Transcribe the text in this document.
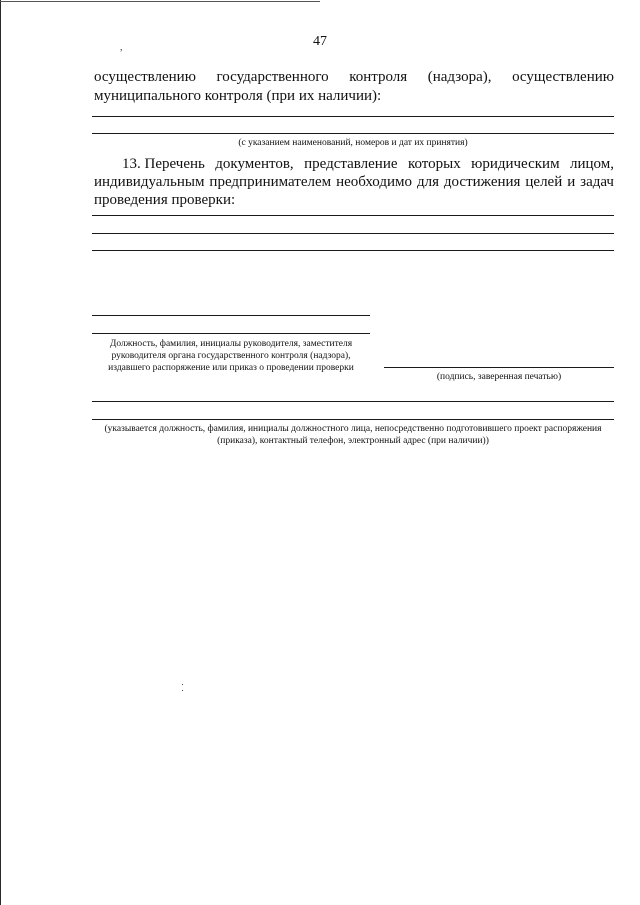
,	47
осуществлению государственного контроля (надзора), осуществлению
муниципального контроля (при их наличии):
(с указанием наименований, номеров и дат их принятия)
13. Перечень документов, представление которых юридическим лицом,
индивидуальным предпринимателем необходимо для достижения целей и задач
проведения проверки:
Должность, фамилия, инициалы руководителя, заместителя
руководителя органа государственного контроля (надзора),
издавшего распоряжение или приказ о проведении проверки
(подпись, заверенная печатью)
(указывается должность, фамилия, инициалы должностного лица, непосредственно подготовившего проект распоряжения
(приказа), контактный телефон, электронный адрес (при наличии))
